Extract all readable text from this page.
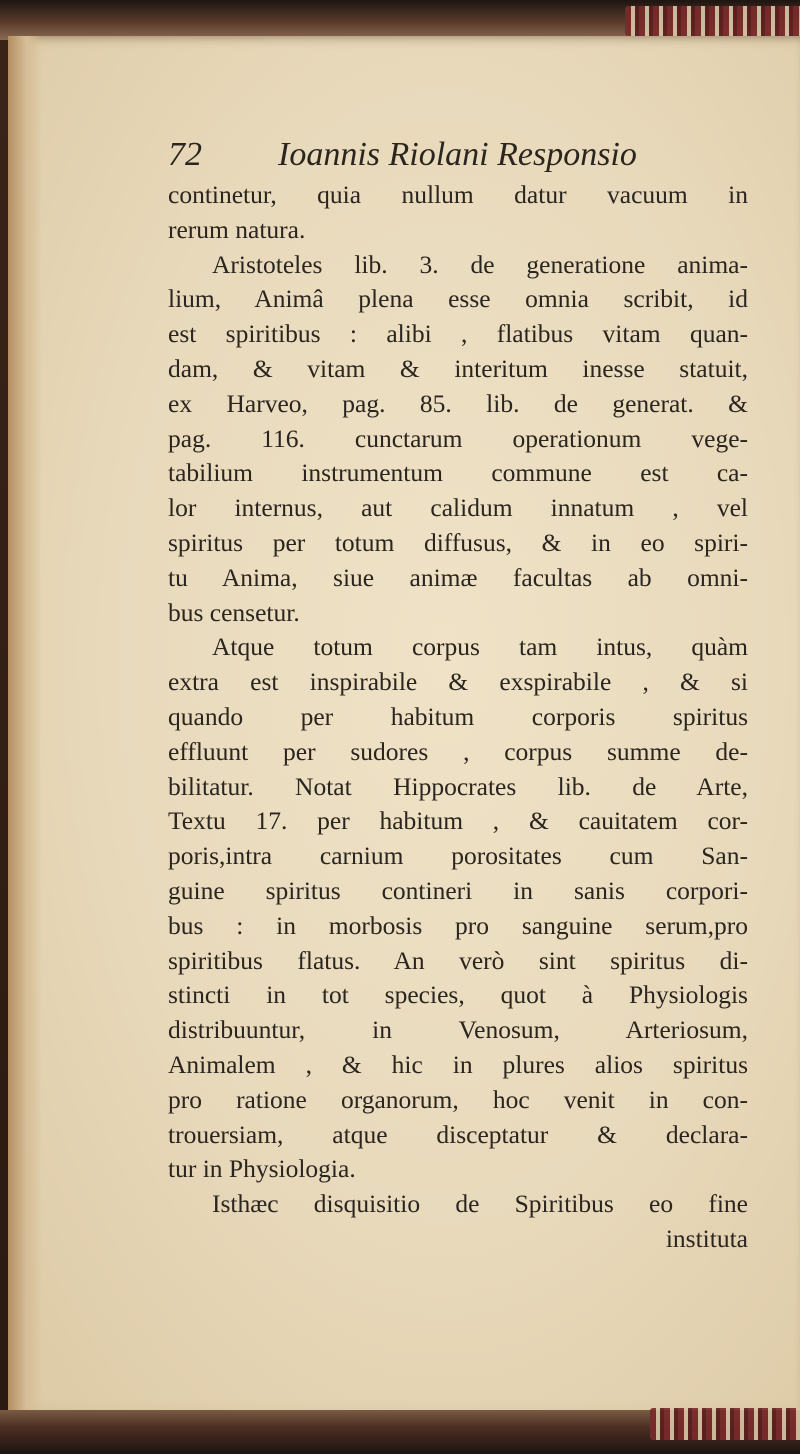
72 Ioannis Riolani Responsio
continetur, quia nullum datur vacuum in
rerum natura.
Aristoteles lib. 3. de generatione anima-
lium, Animâ plena esse omnia scribit, id
est spiritibus : alibi , flatibus vitam quan-
dam, & vitam & interitum inesse statuit,
ex Harveo, pag. 85. lib. de generat. &
pag. 116. cunctarum operationum vege-
tabilium instrumentum commune est ca-
lor internus, aut calidum innatum , vel
spiritus per totum diffusus, & in eo spiri-
tu Anima, siue animæ facultas ab omni-
bus censetur.
Atque totum corpus tam intus, quàm
extra est inspirabile & exspirabile , & si
quando per habitum corporis spiritus
effluunt per sudores , corpus summe de-
bilitatur. Notat Hippocrates lib. de Arte,
Textu 17. per habitum , & cauitatem cor-
poris,intra carnium porositates cum San-
guine spiritus contineri in sanis corpori-
bus : in morbosis pro sanguine serum,pro
spiritibus flatus. An verò sint spiritus di-
stincti in tot species, quot à Physiologis
distribuuntur, in Venosum, Arteriosum,
Animalem , & hic in plures alios spiritus
pro ratione organorum, hoc venit in con-
trouersiam, atque disceptatur & declara-
tur in Physiologia.
Isthæc disquisitio de Spiritibus eo fine
instituta
